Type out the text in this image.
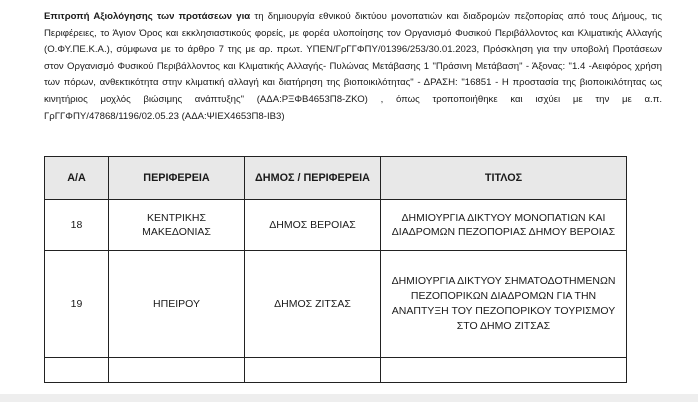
Επιτροπή Αξιολόγησης των προτάσεων για τη δημιουργία εθνικού δικτύου μονοπατιών και διαδρομών πεζοπορίας από τους Δήμους, τις Περιφέρειες, το Άγιον Όρος και εκκλησιαστικούς φορείς, με φορέα υλοποίησης τον Οργανισμό Φυσικού Περιβάλλοντος και Κλιματικής Αλλαγής (Ο.ΦΥ.ΠΕ.Κ.Α.), σύμφωνα με το άρθρο 7 της με αρ. πρωτ. ΥΠΕΝ/ΓρΓΓΦΠΥ/01396/253/30.01.2023, Πρόσκληση για την υποβολή Προτάσεων στον Οργανισμό Φυσικού Περιβάλλοντος και Κλιματικής Αλλαγής- Πυλώνας Μετάβασης 1 "Πράσινη Μετάβαση" - Άξονας: "1.4 -Αειφόρος χρήση των πόρων, ανθεκτικότητα στην κλιματική αλλαγή και διατήρηση της βιοποικιλότητας" - ΔΡΑΣΗ: "16851 - Η προστασία της βιοποικιλότητας ως κινητήριος μοχλός βιώσιμης ανάπτυξης" (ΑΔΑ:ΡΞΦΒ4653Π8-ΖΚΟ) , όπως τροποποιήθηκε και ισχύει με την με α.π. ΓρΓΓΦΠΥ/47868/1196/02.05.23 (ΑΔΑ:ΨΙΕΧ4653Π8-ΙΒ3)
Α/Α	ΠΕΡΙΦΕΡΕΙΑ	ΔΗΜΟΣ / ΠΕΡΙΦΕΡΕΙΑ	ΤΙΤΛΟΣ
18	ΚΕΝΤΡΙΚΗΣ ΜΑΚΕΔΟΝΙΑΣ	ΔΗΜΟΣ ΒΕΡΟΙΑΣ	ΔΗΜΙΟΥΡΓΙΑ ΔΙΚΤΥΟΥ ΜΟΝΟΠΑΤΙΩΝ ΚΑΙ ΔΙΑΔΡΟΜΩΝ ΠΕΖΟΠΟΡΙΑΣ ΔΗΜΟΥ ΒΕΡΟΙΑΣ
19	ΗΠΕΙΡΟΥ	ΔΗΜΟΣ ΖΙΤΣΑΣ	ΔΗΜΙΟΥΡΓΙΑ ΔΙΚΤΥΟΥ ΣΗΜΑΤΟΔΟΤΗΜΕΝΩΝ ΠΕΖΟΠΟΡΙΚΩΝ ΔΙΑΔΡΟΜΩΝ ΓΙΑ ΤΗΝ ΑΝΑΠΤΥΞΗ ΤΟΥ ΠΕΖΟΠΟΡΙΚΟΥ ΤΟΥΡΙΣΜΟΥ ΣΤΟ ΔΗΜΟ ΖΙΤΣΑΣ
